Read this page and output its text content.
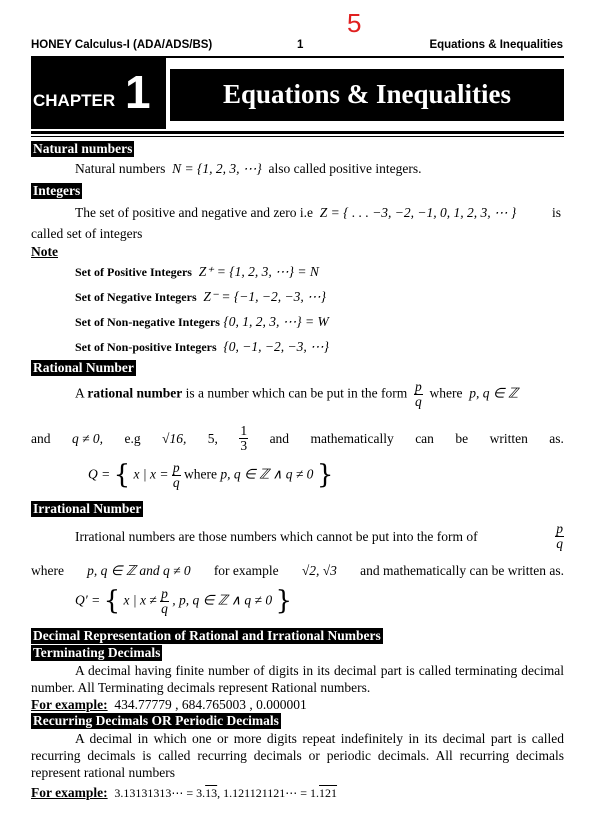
5
HONEY Calculus-I (ADA/ADS/BS)	1	Equations & Inequalities
CHAPTER 1	Equations & Inequalities
Natural numbers
Natural numbers N = {1, 2, 3, ⋯} also called positive integers.
Integers
The set of positive and negative and zero i.e Z = { . . . −3, −2, −1, 0, 1, 2, 3, ⋯ }	is
called set of integers
Note
Set of Positive Integers Z⁺ = {1, 2, 3, ⋯} = N
Set of Negative Integers Z⁻ = {−1, −2, −3, ⋯}
Set of Non-negative Integers {0, 1, 2, 3, ⋯} = W
Set of Non-positive Integers {0, −1, −2, −3, ⋯}
Rational Number
A rational number is a number which can be put in the form $\frac{p}{q}$ where p, q ∈ ℤ
and q ≠ 0, e.g √16, 5, $\frac{1}{3}$ and mathematically can be written as.
Q = { x | $x = \frac{p}{q}$ where p, q ∈ ℤ ∧ q ≠ 0 }
Irrational Number
Irrational numbers are those numbers which cannot be put into the form of	$\frac{p}{q}$
where p, q ∈ ℤ and q ≠ 0 for example √2, √3 and mathematically can be written as.
Q′ = { x | $x \ne \frac{p}{q}$ , p, q ∈ ℤ ∧ q ≠ 0 }
Decimal Representation of Rational and Irrational Numbers
Terminating Decimals
A decimal having finite number of digits in its decimal part is called terminating decimal number. All Terminating decimals represent Rational numbers.
For example: 434.77779 , 684.765003 , 0.000001
Recurring Decimals OR Periodic Decimals
A decimal in which one or more digits repeat indefinitely in its decimal part is called recurring decimals is called recurring decimals or periodic decimals. All recurring decimals represent rational numbers
For example: 3.13131313⋯ = 3.13, 1.121121121⋯ = 1.121
